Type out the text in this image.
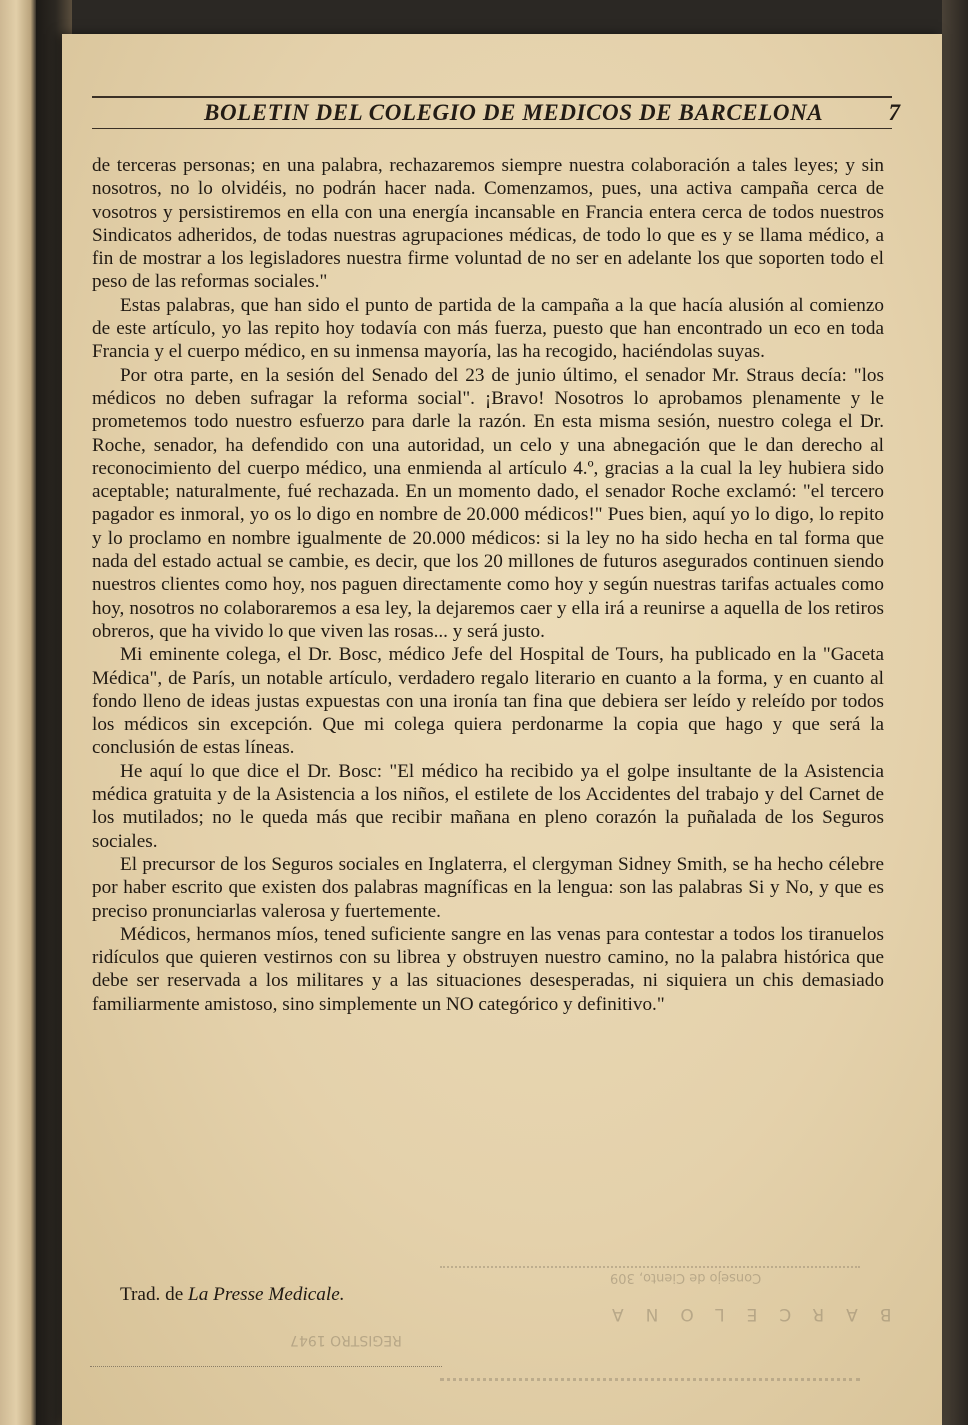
BOLETIN DEL COLEGIO DE MEDICOS DE BARCELONA	7

de terceras personas; en una palabra, rechazaremos siempre nuestra colaboración a tales leyes; y sin nosotros, no lo olvidéis, no podrán hacer nada. Comenzamos, pues, una activa campaña cerca de vosotros y persistiremos en ella con una energía incansable en Francia entera cerca de todos nuestros Sindicatos adheridos, de todas nuestras agrupaciones médicas, de todo lo que es y se llama médico, a fin de mostrar a los legisladores nuestra firme voluntad de no ser en adelante los que soporten todo el peso de las reformas sociales."

Estas palabras, que han sido el punto de partida de la campaña a la que hacía alusión al comienzo de este artículo, yo las repito hoy todavía con más fuerza, puesto que han encontrado un eco en toda Francia y el cuerpo médico, en su inmensa mayoría, las ha recogido, haciéndolas suyas.

Por otra parte, en la sesión del Senado del 23 de junio último, el senador Mr. Straus decía: "los médicos no deben sufragar la reforma social". ¡Bravo! Nosotros lo aprobamos plenamente y le prometemos todo nuestro esfuerzo para darle la razón. En esta misma sesión, nuestro colega el Dr. Roche, senador, ha defendido con una autoridad, un celo y una abnegación que le dan derecho al reconocimiento del cuerpo médico, una enmienda al artículo 4.º, gracias a la cual la ley hubiera sido aceptable; naturalmente, fué rechazada. En un momento dado, el senador Roche exclamó: "el tercero pagador es inmoral, yo os lo digo en nombre de 20.000 médicos!" Pues bien, aquí yo lo digo, lo repito y lo proclamo en nombre igualmente de 20.000 médicos: si la ley no ha sido hecha en tal forma que nada del estado actual se cambie, es decir, que los 20 millones de futuros asegurados continuen siendo nuestros clientes como hoy, nos paguen directamente como hoy y según nuestras tarifas actuales como hoy, nosotros no colaboraremos a esa ley, la dejaremos caer y ella irá a reunirse a aquella de los retiros obreros, que ha vivido lo que viven las rosas... y será justo.

Mi eminente colega, el Dr. Bosc, médico Jefe del Hospital de Tours, ha publicado en la "Gaceta Médica", de París, un notable artículo, verdadero regalo literario en cuanto a la forma, y en cuanto al fondo lleno de ideas justas expuestas con una ironía tan fina que debiera ser leído y releído por todos los médicos sin excepción. Que mi colega quiera perdonarme la copia que hago y que será la conclusión de estas líneas.

He aquí lo que dice el Dr. Bosc: "El médico ha recibido ya el golpe insultante de la Asistencia médica gratuita y de la Asistencia a los niños, el estilete de los Accidentes del trabajo y del Carnet de los mutilados; no le queda más que recibir mañana en pleno corazón la puñalada de los Seguros sociales.

El precursor de los Seguros sociales en Inglaterra, el clergyman Sidney Smith, se ha hecho célebre por haber escrito que existen dos palabras magníficas en la lengua: son las palabras Si y No, y que es preciso pronunciarlas valerosa y fuertemente.

Médicos, hermanos míos, tened suficiente sangre en las venas para contestar a todos los tiranuelos ridículos que quieren vestirnos con su librea y obstruyen nuestro camino, no la palabra histórica que debe ser reservada a los militares y a las situaciones desesperadas, ni siquiera un chis demasiado familiarmente amistoso, sino simplemente un NO categórico y definitivo."

Trad. de La Presse Medicale.
Consejo de Ciento, 309
BARCELONA
REGISTRO 1947
